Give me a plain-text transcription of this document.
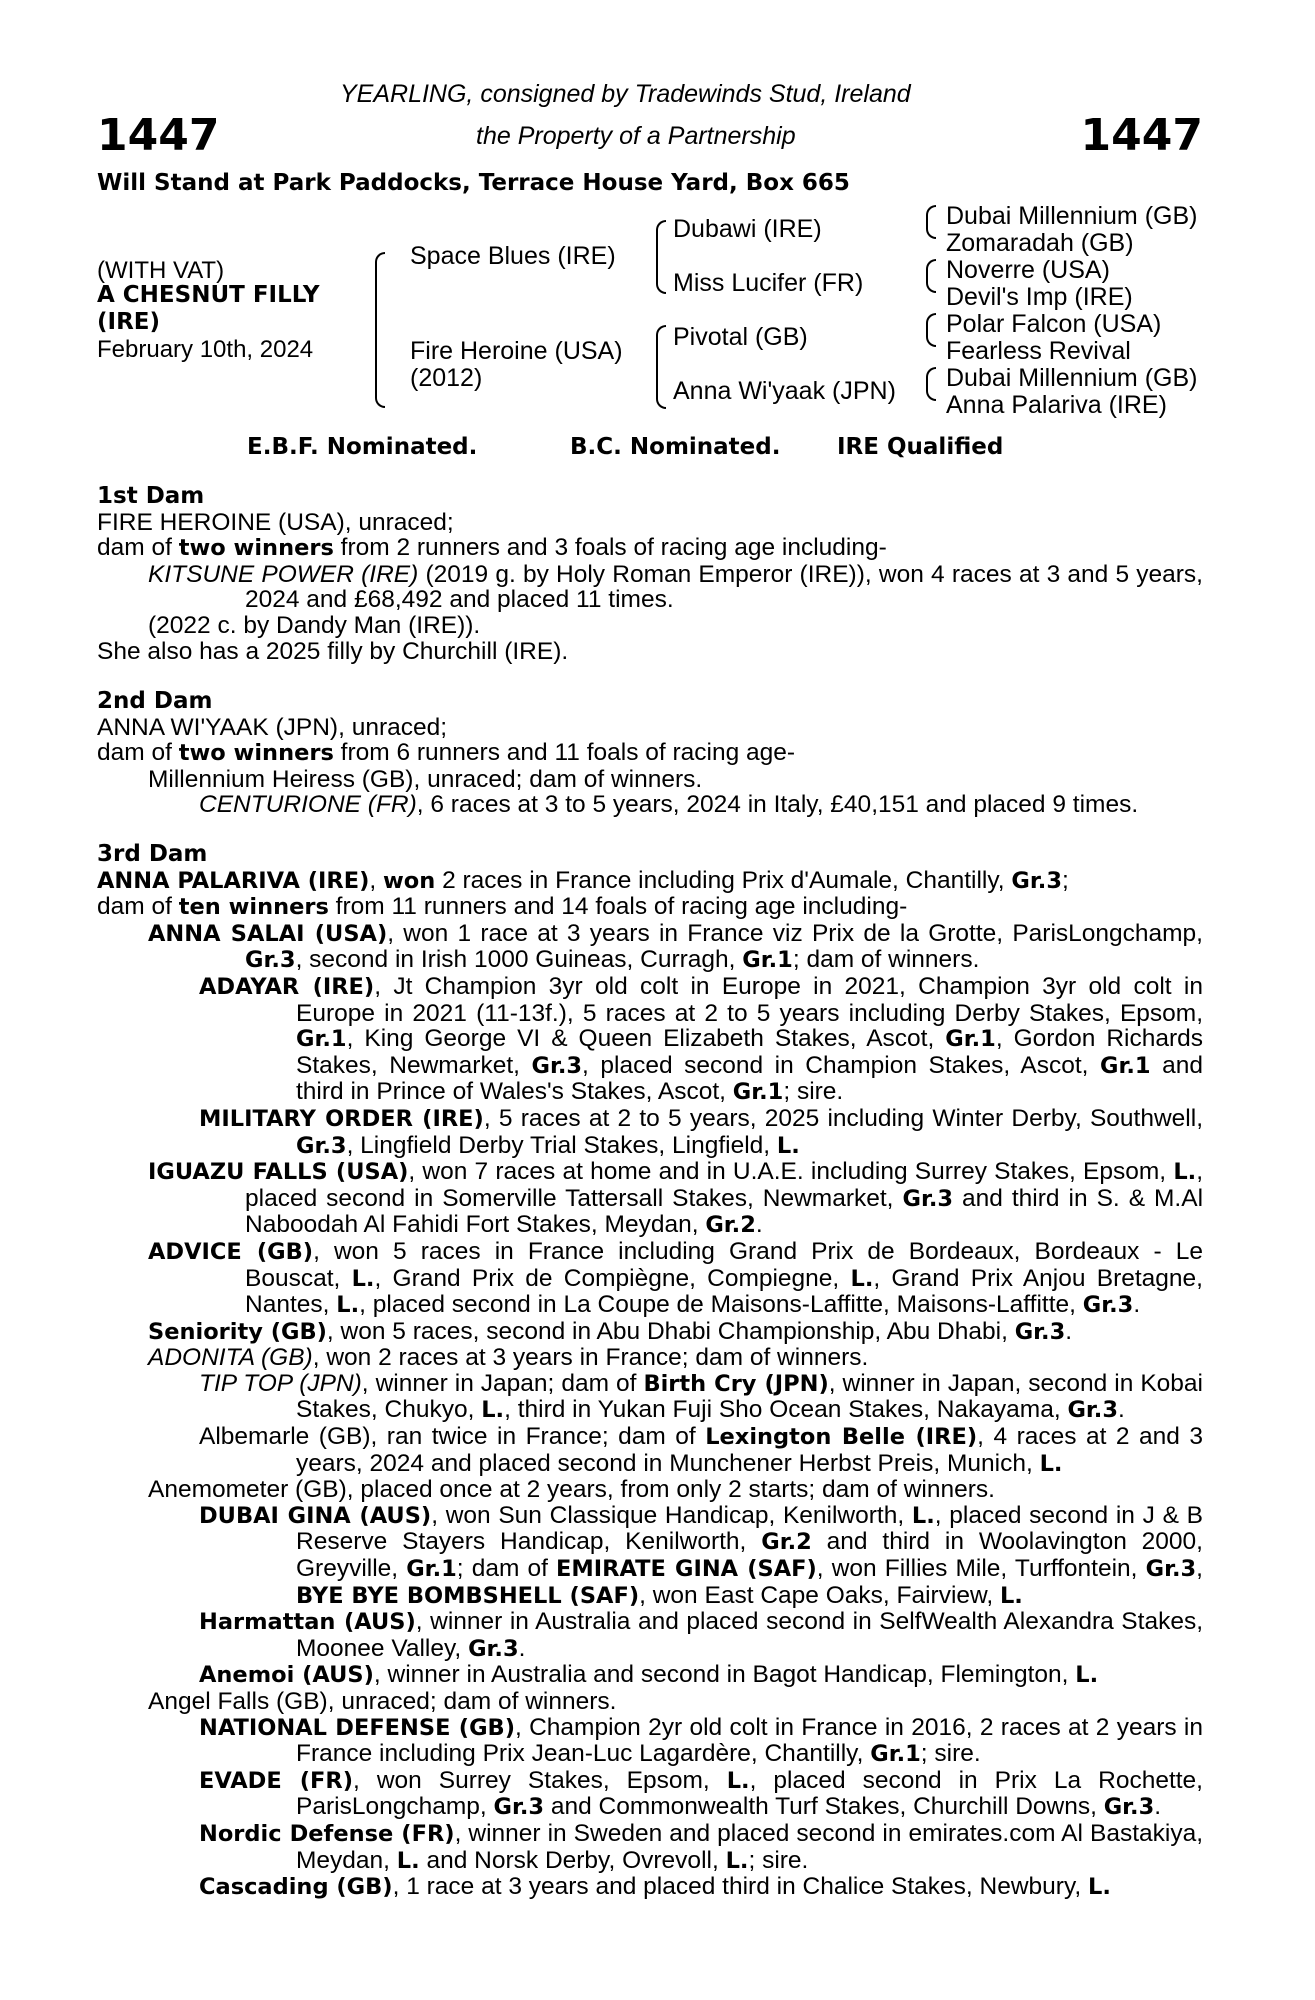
1447	1447
YEARLING, consigned by Tradewinds Stud, Ireland
the Property of a Partnership
Will Stand at Park Paddocks, Terrace House Yard, Box 665
(WITH VAT)
A CHESNUT FILLY
(IRE)
February 10th, 2024
Space Blues (IRE)
Fire Heroine (USA)
(2012)
Dubawi (IRE)
Miss Lucifer (FR)
Pivotal (GB)
Anna Wi'yaak (JPN)
Dubai Millennium (GB)
Zomaradah (GB)
Noverre (USA)
Devil's Imp (IRE)
Polar Falcon (USA)
Fearless Revival
Dubai Millennium (GB)
Anna Palariva (IRE)
E.B.F. Nominated.	B.C. Nominated. IRE Qualified

1st Dam

FIRE HEROINE (USA), unraced;

dam of two winners from 2 runners and 3 foals of racing age including-

KITSUNE POWER (IRE) (2019 g. by Holy Roman Emperor (IRE)), won 4 races at 3 and 5 years, 2024 and £68,492 and placed 11 times.

(2022 c. by Dandy Man (IRE)).

She also has a 2025 filly by Churchill (IRE).

2nd Dam

ANNA WI'YAAK (JPN), unraced;

dam of two winners from 6 runners and 11 foals of racing age-

Millennium Heiress (GB), unraced; dam of winners.

CENTURIONE (FR), 6 races at 3 to 5 years, 2024 in Italy, £40,151 and placed 9 times.

3rd Dam

ANNA PALARIVA (IRE), won 2 races in France including Prix d'Aumale, Chantilly, Gr.3;

dam of ten winners from 11 runners and 14 foals of racing age including-

ANNA SALAI (USA), won 1 race at 3 years in France viz Prix de la Grotte, ParisLongchamp, Gr.3, second in Irish 1000 Guineas, Curragh, Gr.1; dam of winners.

ADAYAR (IRE), Jt Champion 3yr old colt in Europe in 2021, Champion 3yr old colt in Europe in 2021 (11-13f.), 5 races at 2 to 5 years including Derby Stakes, Epsom, Gr.1, King George VI & Queen Elizabeth Stakes, Ascot, Gr.1, Gordon Richards Stakes, Newmarket, Gr.3, placed second in Champion Stakes, Ascot, Gr.1 and third in Prince of Wales's Stakes, Ascot, Gr.1; sire.

MILITARY ORDER (IRE), 5 races at 2 to 5 years, 2025 including Winter Derby, Southwell, Gr.3, Lingfield Derby Trial Stakes, Lingfield, L.

IGUAZU FALLS (USA), won 7 races at home and in U.A.E. including Surrey Stakes, Epsom, L., placed second in Somerville Tattersall Stakes, Newmarket, Gr.3 and third in S. & M.Al Naboodah Al Fahidi Fort Stakes, Meydan, Gr.2.

ADVICE (GB), won 5 races in France including Grand Prix de Bordeaux, Bordeaux - Le Bouscat, L., Grand Prix de Compiègne, Compiegne, L., Grand Prix Anjou Bretagne, Nantes, L., placed second in La Coupe de Maisons-Laffitte, Maisons-Laffitte, Gr.3.

Seniority (GB), won 5 races, second in Abu Dhabi Championship, Abu Dhabi, Gr.3.

ADONITA (GB), won 2 races at 3 years in France; dam of winners.

TIP TOP (JPN), winner in Japan; dam of Birth Cry (JPN), winner in Japan, second in Kobai Stakes, Chukyo, L., third in Yukan Fuji Sho Ocean Stakes, Nakayama, Gr.3.

Albemarle (GB), ran twice in France; dam of Lexington Belle (IRE), 4 races at 2 and 3 years, 2024 and placed second in Munchener Herbst Preis, Munich, L.

Anemometer (GB), placed once at 2 years, from only 2 starts; dam of winners.

DUBAI GINA (AUS), won Sun Classique Handicap, Kenilworth, L., placed second in J & B Reserve Stayers Handicap, Kenilworth, Gr.2 and third in Woolavington 2000, Greyville, Gr.1; dam of EMIRATE GINA (SAF), won Fillies Mile, Turffontein, Gr.3, BYE BYE BOMBSHELL (SAF), won East Cape Oaks, Fairview, L.

Harmattan (AUS), winner in Australia and placed second in SelfWealth Alexandra Stakes, Moonee Valley, Gr.3.

Anemoi (AUS), winner in Australia and second in Bagot Handicap, Flemington, L.

Angel Falls (GB), unraced; dam of winners.

NATIONAL DEFENSE (GB), Champion 2yr old colt in France in 2016, 2 races at 2 years in France including Prix Jean-Luc Lagardère, Chantilly, Gr.1; sire.

EVADE (FR), won Surrey Stakes, Epsom, L., placed second in Prix La Rochette, ParisLongchamp, Gr.3 and Commonwealth Turf Stakes, Churchill Downs, Gr.3.

Nordic Defense (FR), winner in Sweden and placed second in emirates.com Al Bastakiya, Meydan, L. and Norsk Derby, Ovrevoll, L.; sire.

Cascading (GB), 1 race at 3 years and placed third in Chalice Stakes, Newbury, L.
